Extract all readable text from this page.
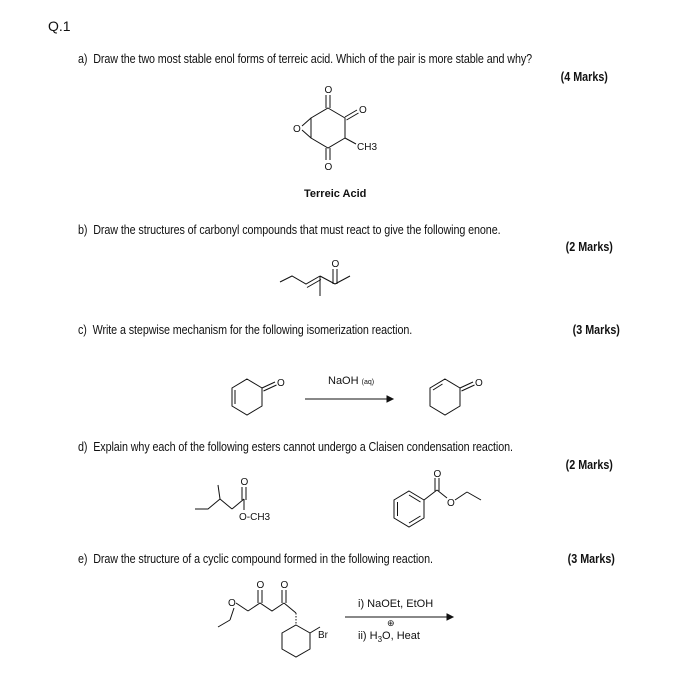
Q.1
a) Draw the two most stable enol forms of terreic acid. Which of the pair is more stable and why?
(4 Marks)
O
O
O
O
CH3
Terreic Acid
b) Draw the structures of carbonyl compounds that must react to give the following enone.
(2 Marks)
O
c) Write a stepwise mechanism for the following isomerization reaction.	(3 Marks)
O	NaOH (aq)	O
d) Explain why each of the following esters cannot undergo a Claisen condensation reaction.
(2 Marks)
O
O-CH3
O
O
e) Draw the structure of a cyclic compound formed in the following reaction.	(3 Marks)
O O
O
Br
i) NaOEt, EtOH
⊕
ii) $H_3O$, Heat
